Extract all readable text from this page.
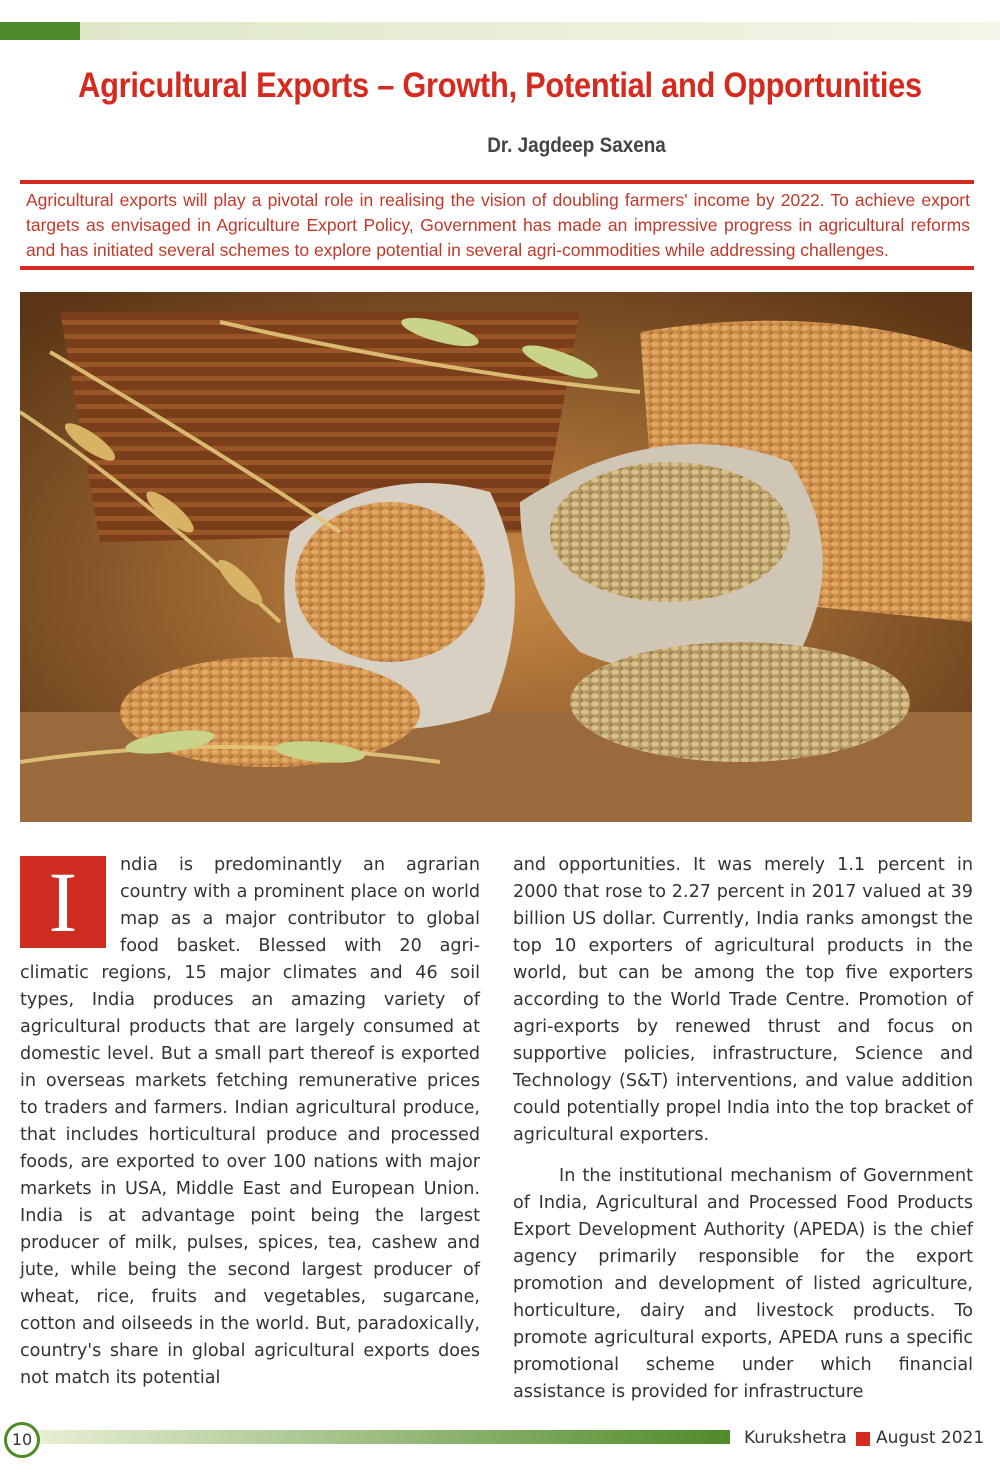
Agricultural Exports – Growth, Potential and Opportunities
Dr. Jagdeep Saxena

Agricultural exports will play a pivotal role in realising the vision of doubling farmers' income by 2022. To achieve export targets as envisaged in Agriculture Export Policy, Government has made an impressive progress in agricultural reforms and has initiated several schemes to explore potential in several agri-commodities while addressing challenges.

I	ndia is predominantly an agrarian country with a prominent place on world map as a major contributor to global food basket. Blessed with 20 agri-climatic regions, 15 major climates and 46 soil types, India produces an amazing variety of agricultural products that are largely consumed at domestic level. But a small part thereof is exported in overseas markets fetching remunerative prices to traders and farmers. Indian agricultural produce, that includes horticultural produce and processed foods, are exported to over 100 nations with major markets in USA, Middle East and European Union. India is at advantage point being the largest producer of milk, pulses, spices, tea, cashew and jute, while being the second largest producer of wheat, rice, fruits and vegetables, sugarcane, cotton and oilseeds in the world. But, paradoxically, country's share in global agricultural exports does not match its potential

and opportunities. It was merely 1.1 percent in 2000 that rose to 2.27 percent in 2017 valued at 39 billion US dollar. Currently, India ranks amongst the top 10 exporters of agricultural products in the world, but can be among the top five exporters according to the World Trade Centre. Promotion of agri-exports by renewed thrust and focus on supportive policies, infrastructure, Science and Technology (S&T) interventions, and value addition could potentially propel India into the top bracket of agricultural exporters.

In the institutional mechanism of Government of India, Agricultural and Processed Food Products Export Development Authority (APEDA) is the chief agency primarily responsible for the export promotion and development of listed agriculture, horticulture, dairy and livestock products. To promote agricultural exports, APEDA runs a specific promotional scheme under which financial assistance is provided for infrastructure

10	Kurukshetra August 2021
